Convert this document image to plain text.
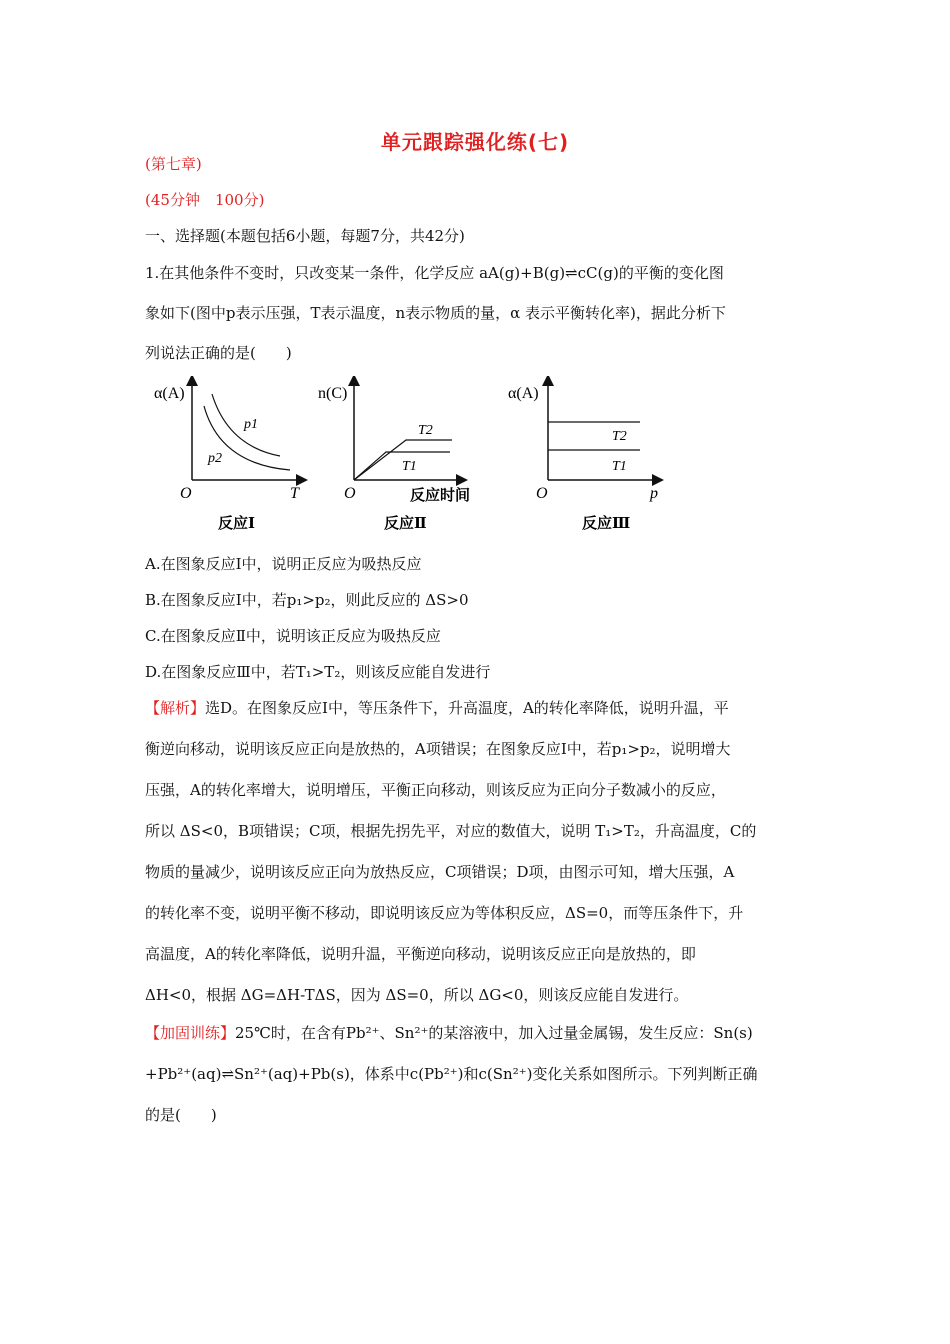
单元跟踪强化练(七)
(第七章)
(45分钟　100分)
一、选择题(本题包括6小题，每题7分，共42分)
1.在其他条件不变时，只改变某一条件，化学反应 aA(g)+B(g)⇌cC(g)的平衡的变化图
象如下(图中p表示压强，T表示温度，n表示物质的量，α 表示平衡转化率)，据此分析下
列说法正确的是(　　)
α(A)
O	T
p1
p2
反应Ⅰ
n(C)
O	反应时间
T2
T1
反应Ⅱ
α(A)
O	p
T2
T1
反应Ⅲ
A.在图象反应Ⅰ中，说明正反应为吸热反应
B.在图象反应Ⅰ中，若p₁>p₂，则此反应的 ΔS>0
C.在图象反应Ⅱ中，说明该正反应为吸热反应
D.在图象反应Ⅲ中，若T₁>T₂，则该反应能自发进行
【解析】选D。在图象反应Ⅰ中，等压条件下，升高温度，A的转化率降低，说明升温，平
衡逆向移动，说明该反应正向是放热的，A项错误；在图象反应Ⅰ中，若p₁>p₂，说明增大
压强，A的转化率增大，说明增压，平衡正向移动，则该反应为正向分子数减小的反应，
所以 ΔS<0，B项错误；C项，根据先拐先平，对应的数值大，说明 T₁>T₂，升高温度，C的
物质的量减少，说明该反应正向为放热反应，C项错误；D项，由图示可知，增大压强，A
的转化率不变，说明平衡不移动，即说明该反应为等体积反应，ΔS=0，而等压条件下，升
高温度，A的转化率降低，说明升温，平衡逆向移动，说明该反应正向是放热的，即
ΔH<0，根据 ΔG=ΔH-TΔS，因为 ΔS=0，所以 ΔG<0，则该反应能自发进行。
【加固训练】25℃时，在含有Pb²⁺、Sn²⁺的某溶液中，加入过量金属锡，发生反应：Sn(s)
+Pb²⁺(aq)⇌Sn²⁺(aq)+Pb(s)，体系中c(Pb²⁺)和c(Sn²⁺)变化关系如图所示。下列判断正确
的是(　　)
